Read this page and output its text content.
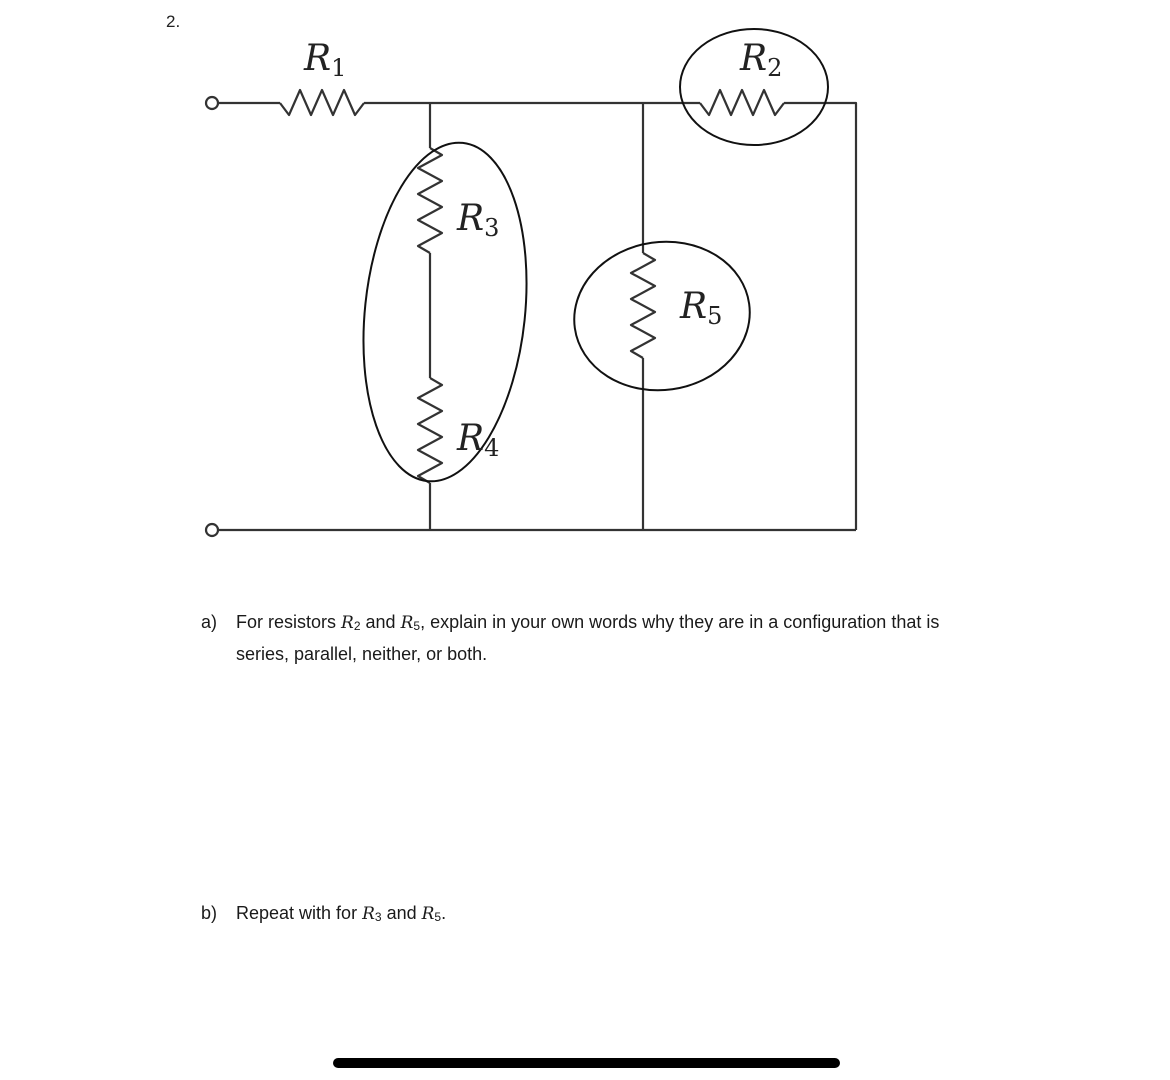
2.
R1	R2
R3
R4
R5
a) For resistors $R_2$ and $R_5$, explain in your own words why they are in a configuration that is
series, parallel, neither, or both.
b) Repeat with for $R_3$ and $R_5$.
